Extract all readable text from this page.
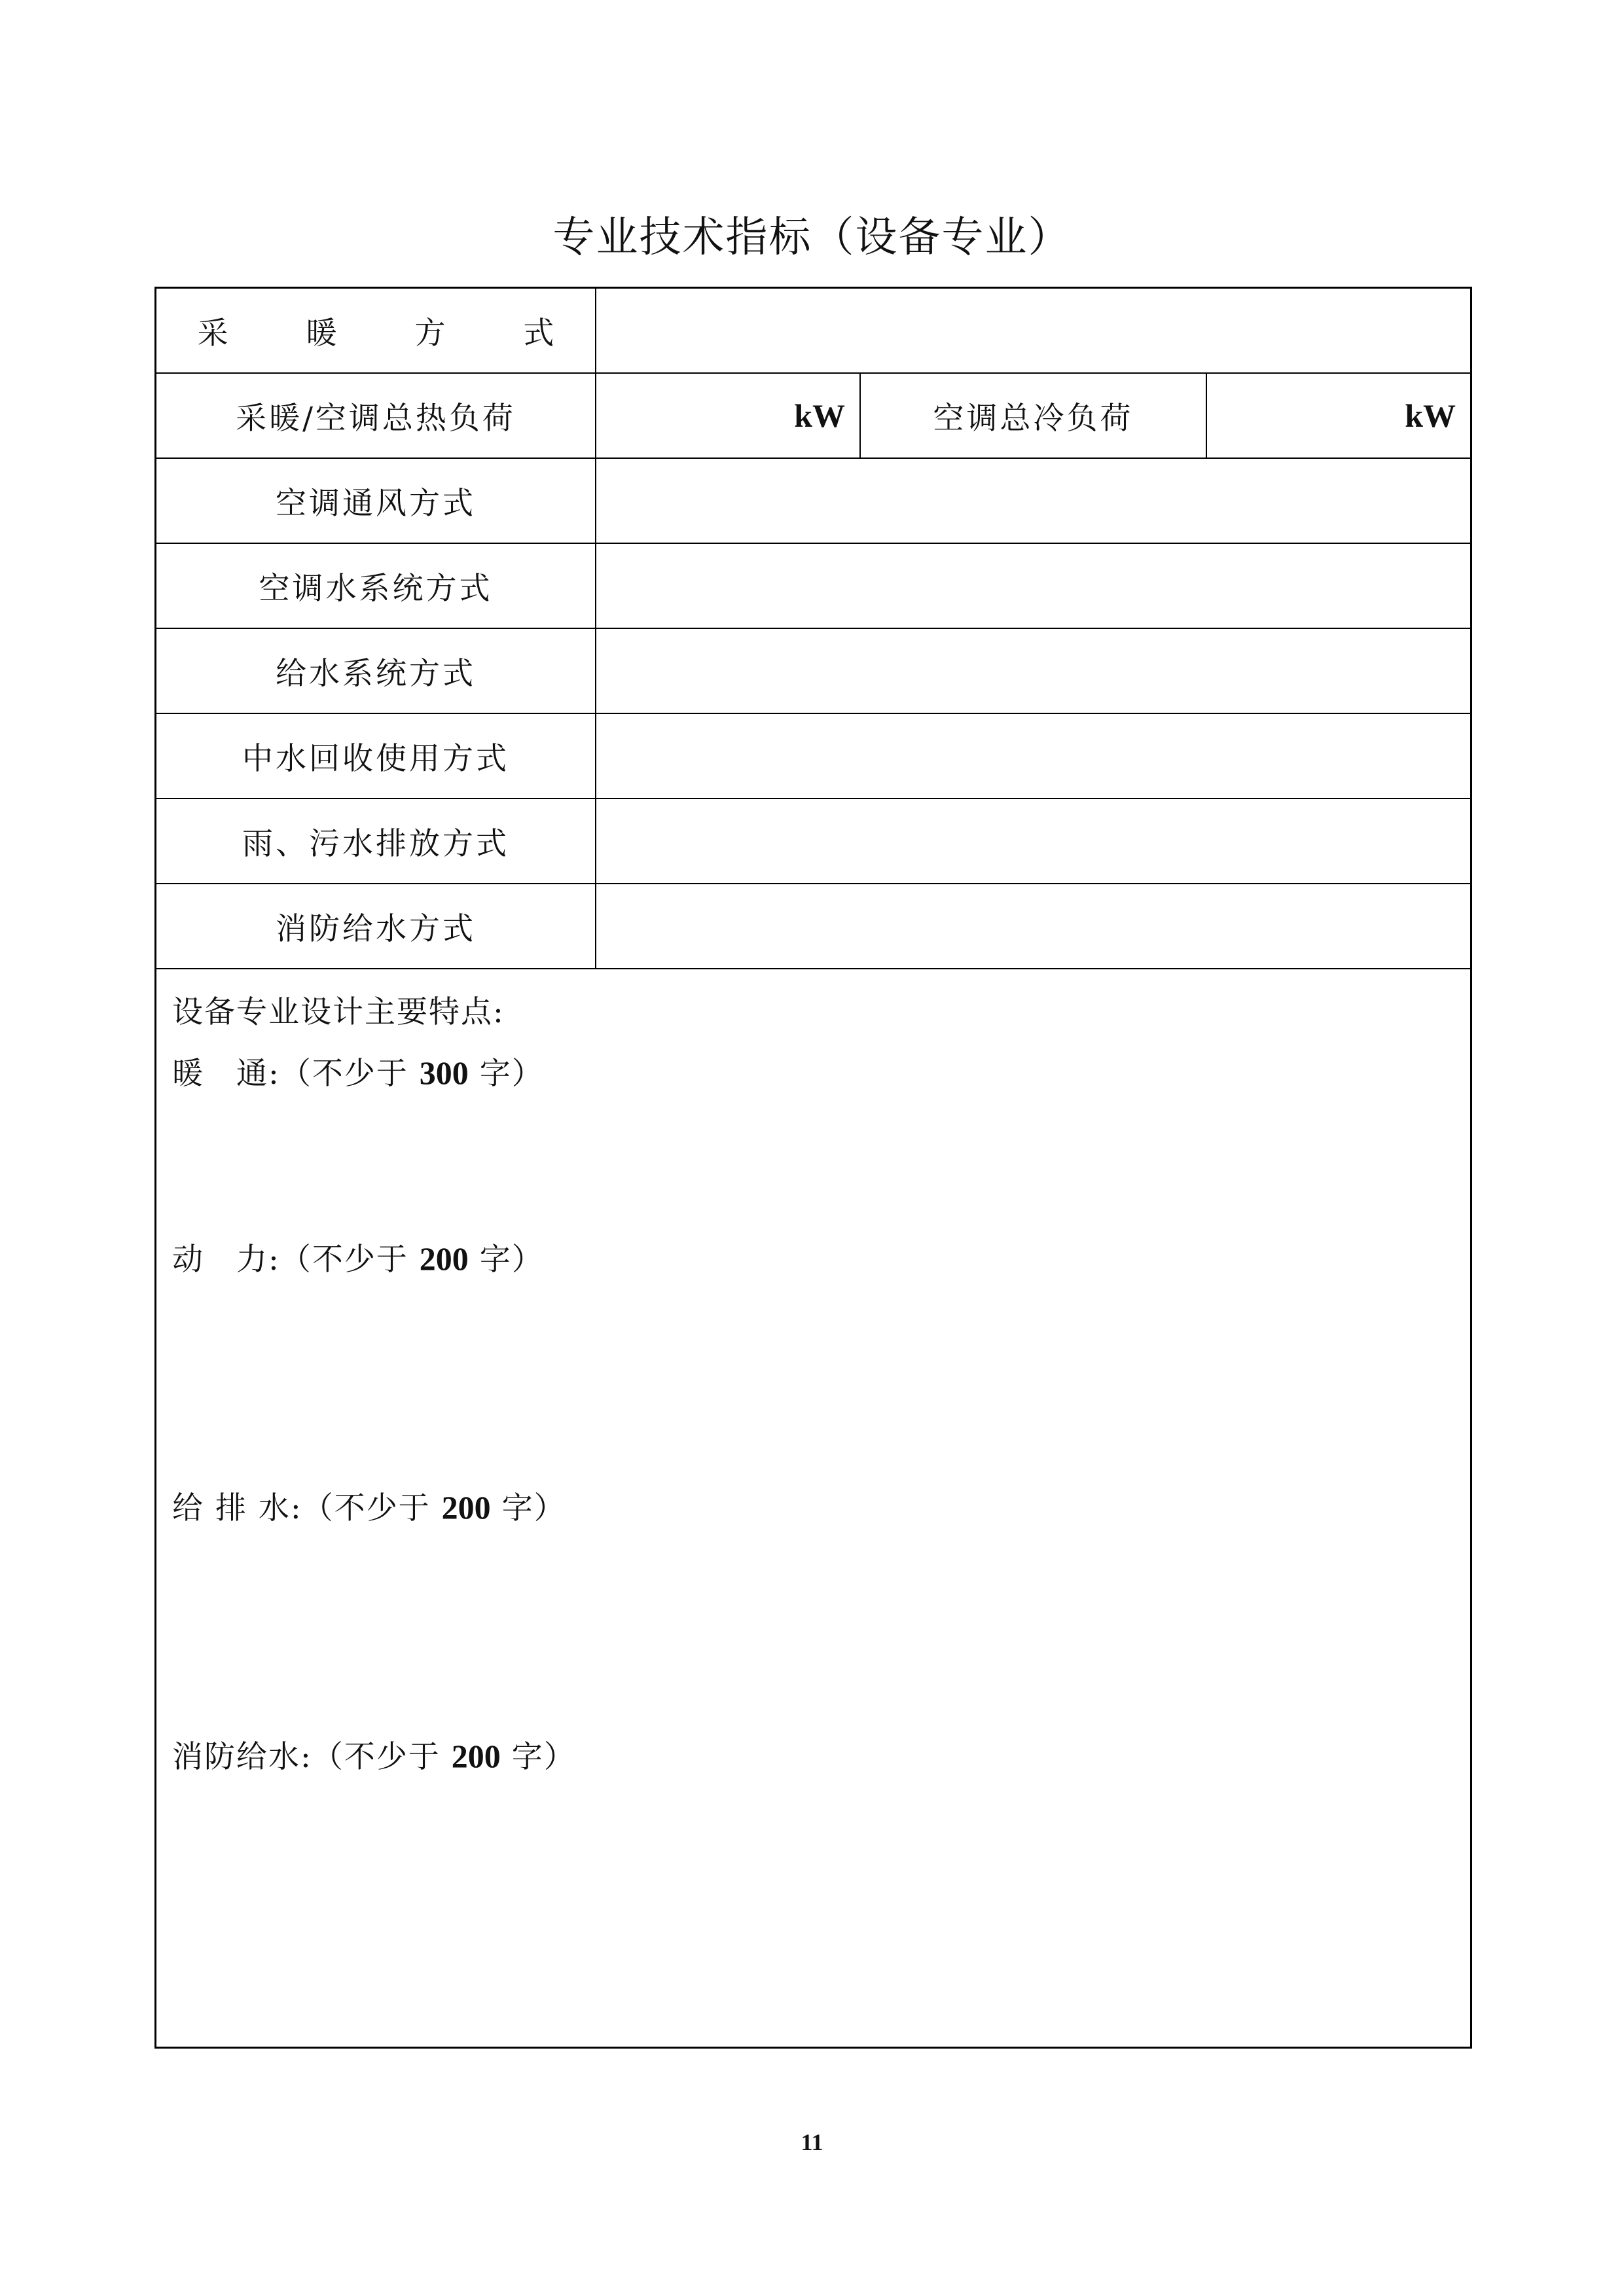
专业技术指标（设备专业）
采 暖 方 式
采暖/空调总热负荷	kW	空调总冷负荷	kW
空调通风方式
空调水系统方式
给水系统方式
中水回收使用方式
雨、污水排放方式
消防给水方式
设备专业设计主要特点:
暖　通:（不少于 300 字）
动　力:（不少于 200 字）
给 排 水:（不少于 200 字）
消防给水:（不少于 200 字）
11
